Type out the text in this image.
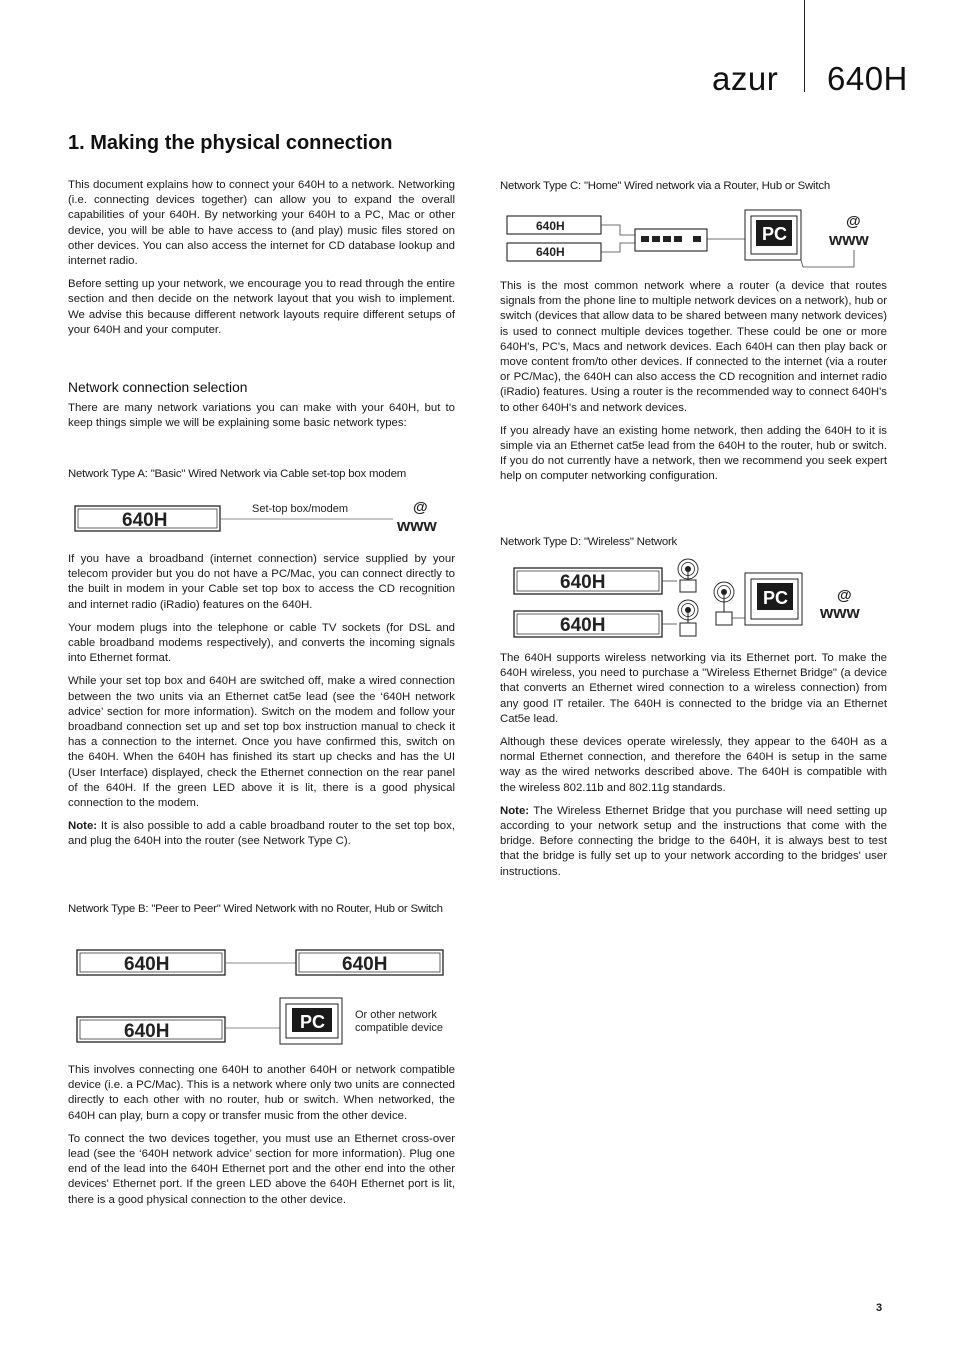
azur 640H
1. Making the physical connection

This document explains how to connect your 640H to a network. Networking (i.e. connecting devices together) can allow you to expand the overall capabilities of your 640H. By networking your 640H to a PC, Mac or other device, you will be able to have access to (and play) music files stored on other devices. You can also access the internet for CD database lookup and internet radio.

Before setting up your network, we encourage you to read through the entire section and then decide on the network layout that you wish to implement. We advise this because different network layouts require different setups of your 640H and your computer.

Network connection selection

There are many network variations you can make with your 640H, but to keep things simple we will be explaining some basic network types:

Network Type A: "Basic" Wired Network via Cable set-top box modem

640H
Set-top box/modem	@
www

If you have a broadband (internet connection) service supplied by your telecom provider but you do not have a PC/Mac, you can connect directly to the built in modem in your Cable set top box to access the CD recognition and internet radio (iRadio) features on the 640H.

Your modem plugs into the telephone or cable TV sockets (for DSL and cable broadband modems respectively), and converts the incoming signals into Ethernet format.

While your set top box and 640H are switched off, make a wired connection between the two units via an Ethernet cat5e lead (see the ‘640H network advice’ section for more information). Switch on the modem and follow your broadband connection set up and set top box instruction manual to check it has a connection to the internet. Once you have confirmed this, switch on the 640H. When the 640H has finished its start up checks and has the UI (User Interface) displayed, check the Ethernet connection on the rear panel of the 640H. If the green LED above it is lit, there is a good physical connection to the modem.

Note: It is also possible to add a cable broadband router to the set top box, and plug the 640H into the router (see Network Type C).

Network Type B: "Peer to Peer" Wired Network with no Router, Hub or Switch

640H	640H
640H	PC	Or other network
compatible device

This involves connecting one 640H to another 640H or network compatible device (i.e. a PC/Mac). This is a network where only two units are connected directly to each other with no router, hub or switch. When networked, the 640H can play, burn a copy or transfer music from the other device.

To connect the two devices together, you must use an Ethernet cross-over lead (see the ‘640H network advice’ section for more information). Plug one end of the lead into the 640H Ethernet port and the other end into the other devices' Ethernet port. If the green LED above the 640H Ethernet port is lit, there is a good physical connection to the other device.

Network Type C: "Home" Wired network via a Router, Hub or Switch

640H
640H
PC
@
www

This is the most common network where a router (a device that routes signals from the phone line to multiple network devices on a network), hub or switch (devices that allow data to be shared between many network devices) is used to connect multiple devices together. These could be one or more 640H's, PC's, Macs and network devices. Each 640H can then play back or move content from/to other devices. If connected to the internet (via a router or PC/Mac), the 640H can also access the CD recognition and internet radio (iRadio) features. Using a router is the recommended way to connect 640H's to other 640H's and network devices.

If you already have an existing home network, then adding the 640H to it is simple via an Ethernet cat5e lead from the 640H to the router, hub or switch. If you do not currently have a network, then we recommend you seek expert help on computer networking configuration.

Network Type D: "Wireless" Network

640H
640H
PC	@
www

The 640H supports wireless networking via its Ethernet port. To make the 640H wireless, you need to purchase a "Wireless Ethernet Bridge" (a device that converts an Ethernet wired connection to a wireless connection) from any good IT retailer. The 640H is connected to the bridge via an Ethernet Cat5e lead.

Although these devices operate wirelessly, they appear to the 640H as a normal Ethernet connection, and therefore the 640H is setup in the same way as the wired networks described above. The 640H is compatible with the wireless 802.11b and 802.11g standards.

Note: The Wireless Ethernet Bridge that you purchase will need setting up according to your network setup and the instructions that come with the bridge. Before connecting the bridge to the 640H, it is always best to test that the bridge is fully set up to your network according to the bridges' user instructions.

3
